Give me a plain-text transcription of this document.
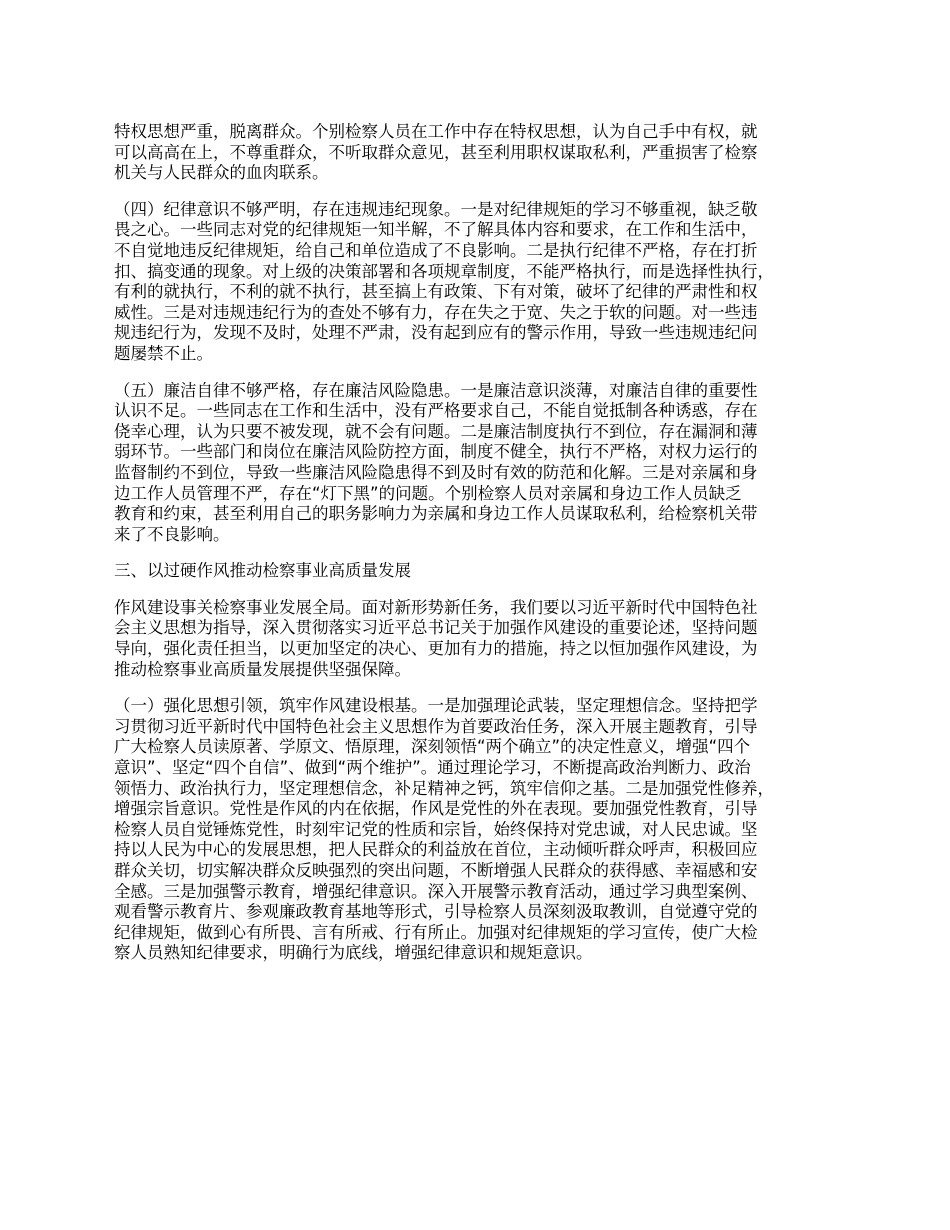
特权思想严重，脱离群众。个别检察人员在工作中存在特权思想，认为自己手中有权，就
可以高高在上，不尊重群众，不听取群众意见，甚至利用职权谋取私利，严重损害了检察
机关与人民群众的血肉联系。
（四）纪律意识不够严明，存在违规违纪现象。一是对纪律规矩的学习不够重视，缺乏敬
畏之心。一些同志对党的纪律规矩一知半解，不了解具体内容和要求，在工作和生活中，
不自觉地违反纪律规矩，给自己和单位造成了不良影响。二是执行纪律不严格，存在打折
扣、搞变通的现象。对上级的决策部署和各项规章制度，不能严格执行，而是选择性执行，
有利的就执行，不利的就不执行，甚至搞上有政策、下有对策，破坏了纪律的严肃性和权
威性。三是对违规违纪行为的查处不够有力，存在失之于宽、失之于软的问题。对一些违
规违纪行为，发现不及时，处理不严肃，没有起到应有的警示作用，导致一些违规违纪问
题屡禁不止。
（五）廉洁自律不够严格，存在廉洁风险隐患。一是廉洁意识淡薄，对廉洁自律的重要性
认识不足。一些同志在工作和生活中，没有严格要求自己，不能自觉抵制各种诱惑，存在
侥幸心理，认为只要不被发现，就不会有问题。二是廉洁制度执行不到位，存在漏洞和薄
弱环节。一些部门和岗位在廉洁风险防控方面，制度不健全，执行不严格，对权力运行的
监督制约不到位，导致一些廉洁风险隐患得不到及时有效的防范和化解。三是对亲属和身
边工作人员管理不严，存在“灯下黑”的问题。个别检察人员对亲属和身边工作人员缺乏
教育和约束，甚至利用自己的职务影响力为亲属和身边工作人员谋取私利，给检察机关带
来了不良影响。
三、以过硬作风推动检察事业高质量发展
作风建设事关检察事业发展全局。面对新形势新任务，我们要以习近平新时代中国特色社
会主义思想为指导，深入贯彻落实习近平总书记关于加强作风建设的重要论述，坚持问题
导向，强化责任担当，以更加坚定的决心、更加有力的措施，持之以恒加强作风建设，为
推动检察事业高质量发展提供坚强保障。
（一）强化思想引领，筑牢作风建设根基。一是加强理论武装，坚定理想信念。坚持把学
习贯彻习近平新时代中国特色社会主义思想作为首要政治任务，深入开展主题教育，引导
广大检察人员读原著、学原文、悟原理，深刻领悟“两个确立”的决定性意义，增强“四个
意识”、坚定“四个自信”、做到“两个维护”。通过理论学习，不断提高政治判断力、政治
领悟力、政治执行力，坚定理想信念，补足精神之钙，筑牢信仰之基。二是加强党性修养，
增强宗旨意识。党性是作风的内在依据，作风是党性的外在表现。要加强党性教育，引导
检察人员自觉锤炼党性，时刻牢记党的性质和宗旨，始终保持对党忠诚，对人民忠诚。坚
持以人民为中心的发展思想，把人民群众的利益放在首位，主动倾听群众呼声，积极回应
群众关切，切实解决群众反映强烈的突出问题，不断增强人民群众的获得感、幸福感和安
全感。三是加强警示教育，增强纪律意识。深入开展警示教育活动，通过学习典型案例、
观看警示教育片、参观廉政教育基地等形式，引导检察人员深刻汲取教训，自觉遵守党的
纪律规矩，做到心有所畏、言有所戒、行有所止。加强对纪律规矩的学习宣传，使广大检
察人员熟知纪律要求，明确行为底线，增强纪律意识和规矩意识。
